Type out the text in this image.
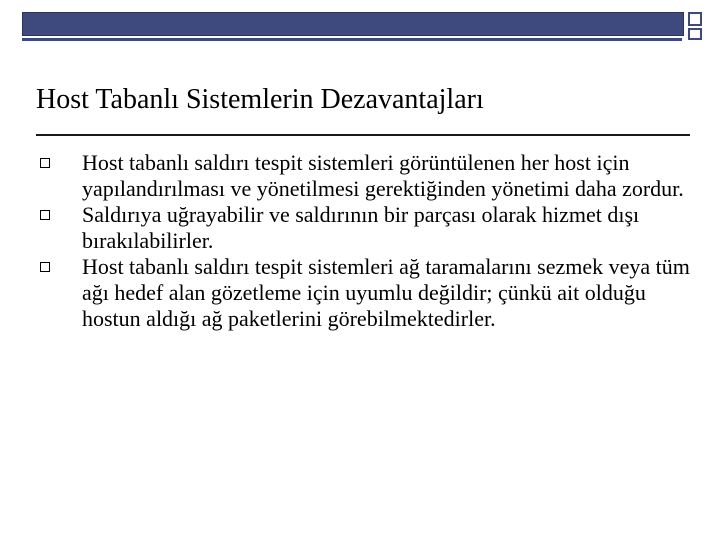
Host Tabanlı Sistemlerin Dezavantajları
Host tabanlı saldırı tespit sistemleri görüntülenen her host için yapılandırılması ve yönetilmesi gerektiğinden yönetimi daha zordur.
Saldırıya uğrayabilir ve saldırının bir parçası olarak hizmet dışı bırakılabilirler.
Host tabanlı saldırı tespit sistemleri ağ taramalarını sezmek veya tüm ağı hedef alan gözetleme için uyumlu değildir; çünkü ait olduğu hostun aldığı ağ paketlerini görebilmektedirler.
